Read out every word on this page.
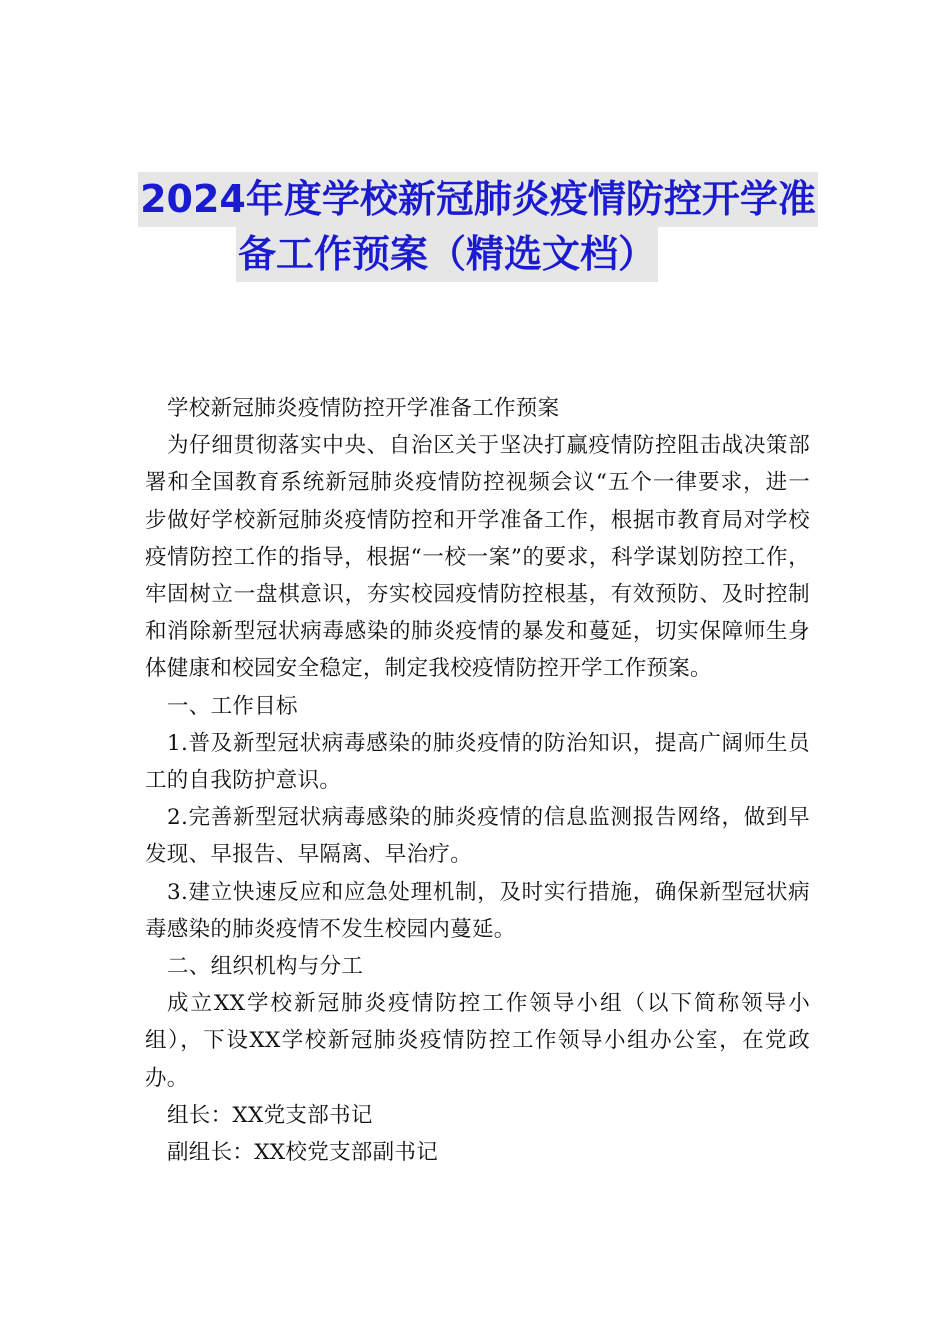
2024年度学校新冠肺炎疫情防控开学准
备工作预案（精选文档）

学校新冠肺炎疫情防控开学准备工作预案

为仔细贯彻落实中央、自治区关于坚决打赢疫情防控阻击战决策部署和全国教育系统新冠肺炎疫情防控视频会议“五个一律要求，进一步做好学校新冠肺炎疫情防控和开学准备工作，根据市教育局对学校疫情防控工作的指导，根据“一校一案”的要求，科学谋划防控工作，牢固树立一盘棋意识，夯实校园疫情防控根基，有效预防、及时控制和消除新型冠状病毒感染的肺炎疫情的暴发和蔓延，切实保障师生身体健康和校园安全稳定，制定我校疫情防控开学工作预案。

一、工作目标

1.普及新型冠状病毒感染的肺炎疫情的防治知识，提高广阔师生员工的自我防护意识。

2.完善新型冠状病毒感染的肺炎疫情的信息监测报告网络，做到早发现、早报告、早隔离、早治疗。

3.建立快速反应和应急处理机制，及时实行措施，确保新型冠状病毒感染的肺炎疫情不发生校园内蔓延。

二、组织机构与分工

成立XX学校新冠肺炎疫情防控工作领导小组（以下简称领导小组），下设XX学校新冠肺炎疫情防控工作领导小组办公室，在党政办。

组长：XX党支部书记

副组长：XX校党支部副书记
